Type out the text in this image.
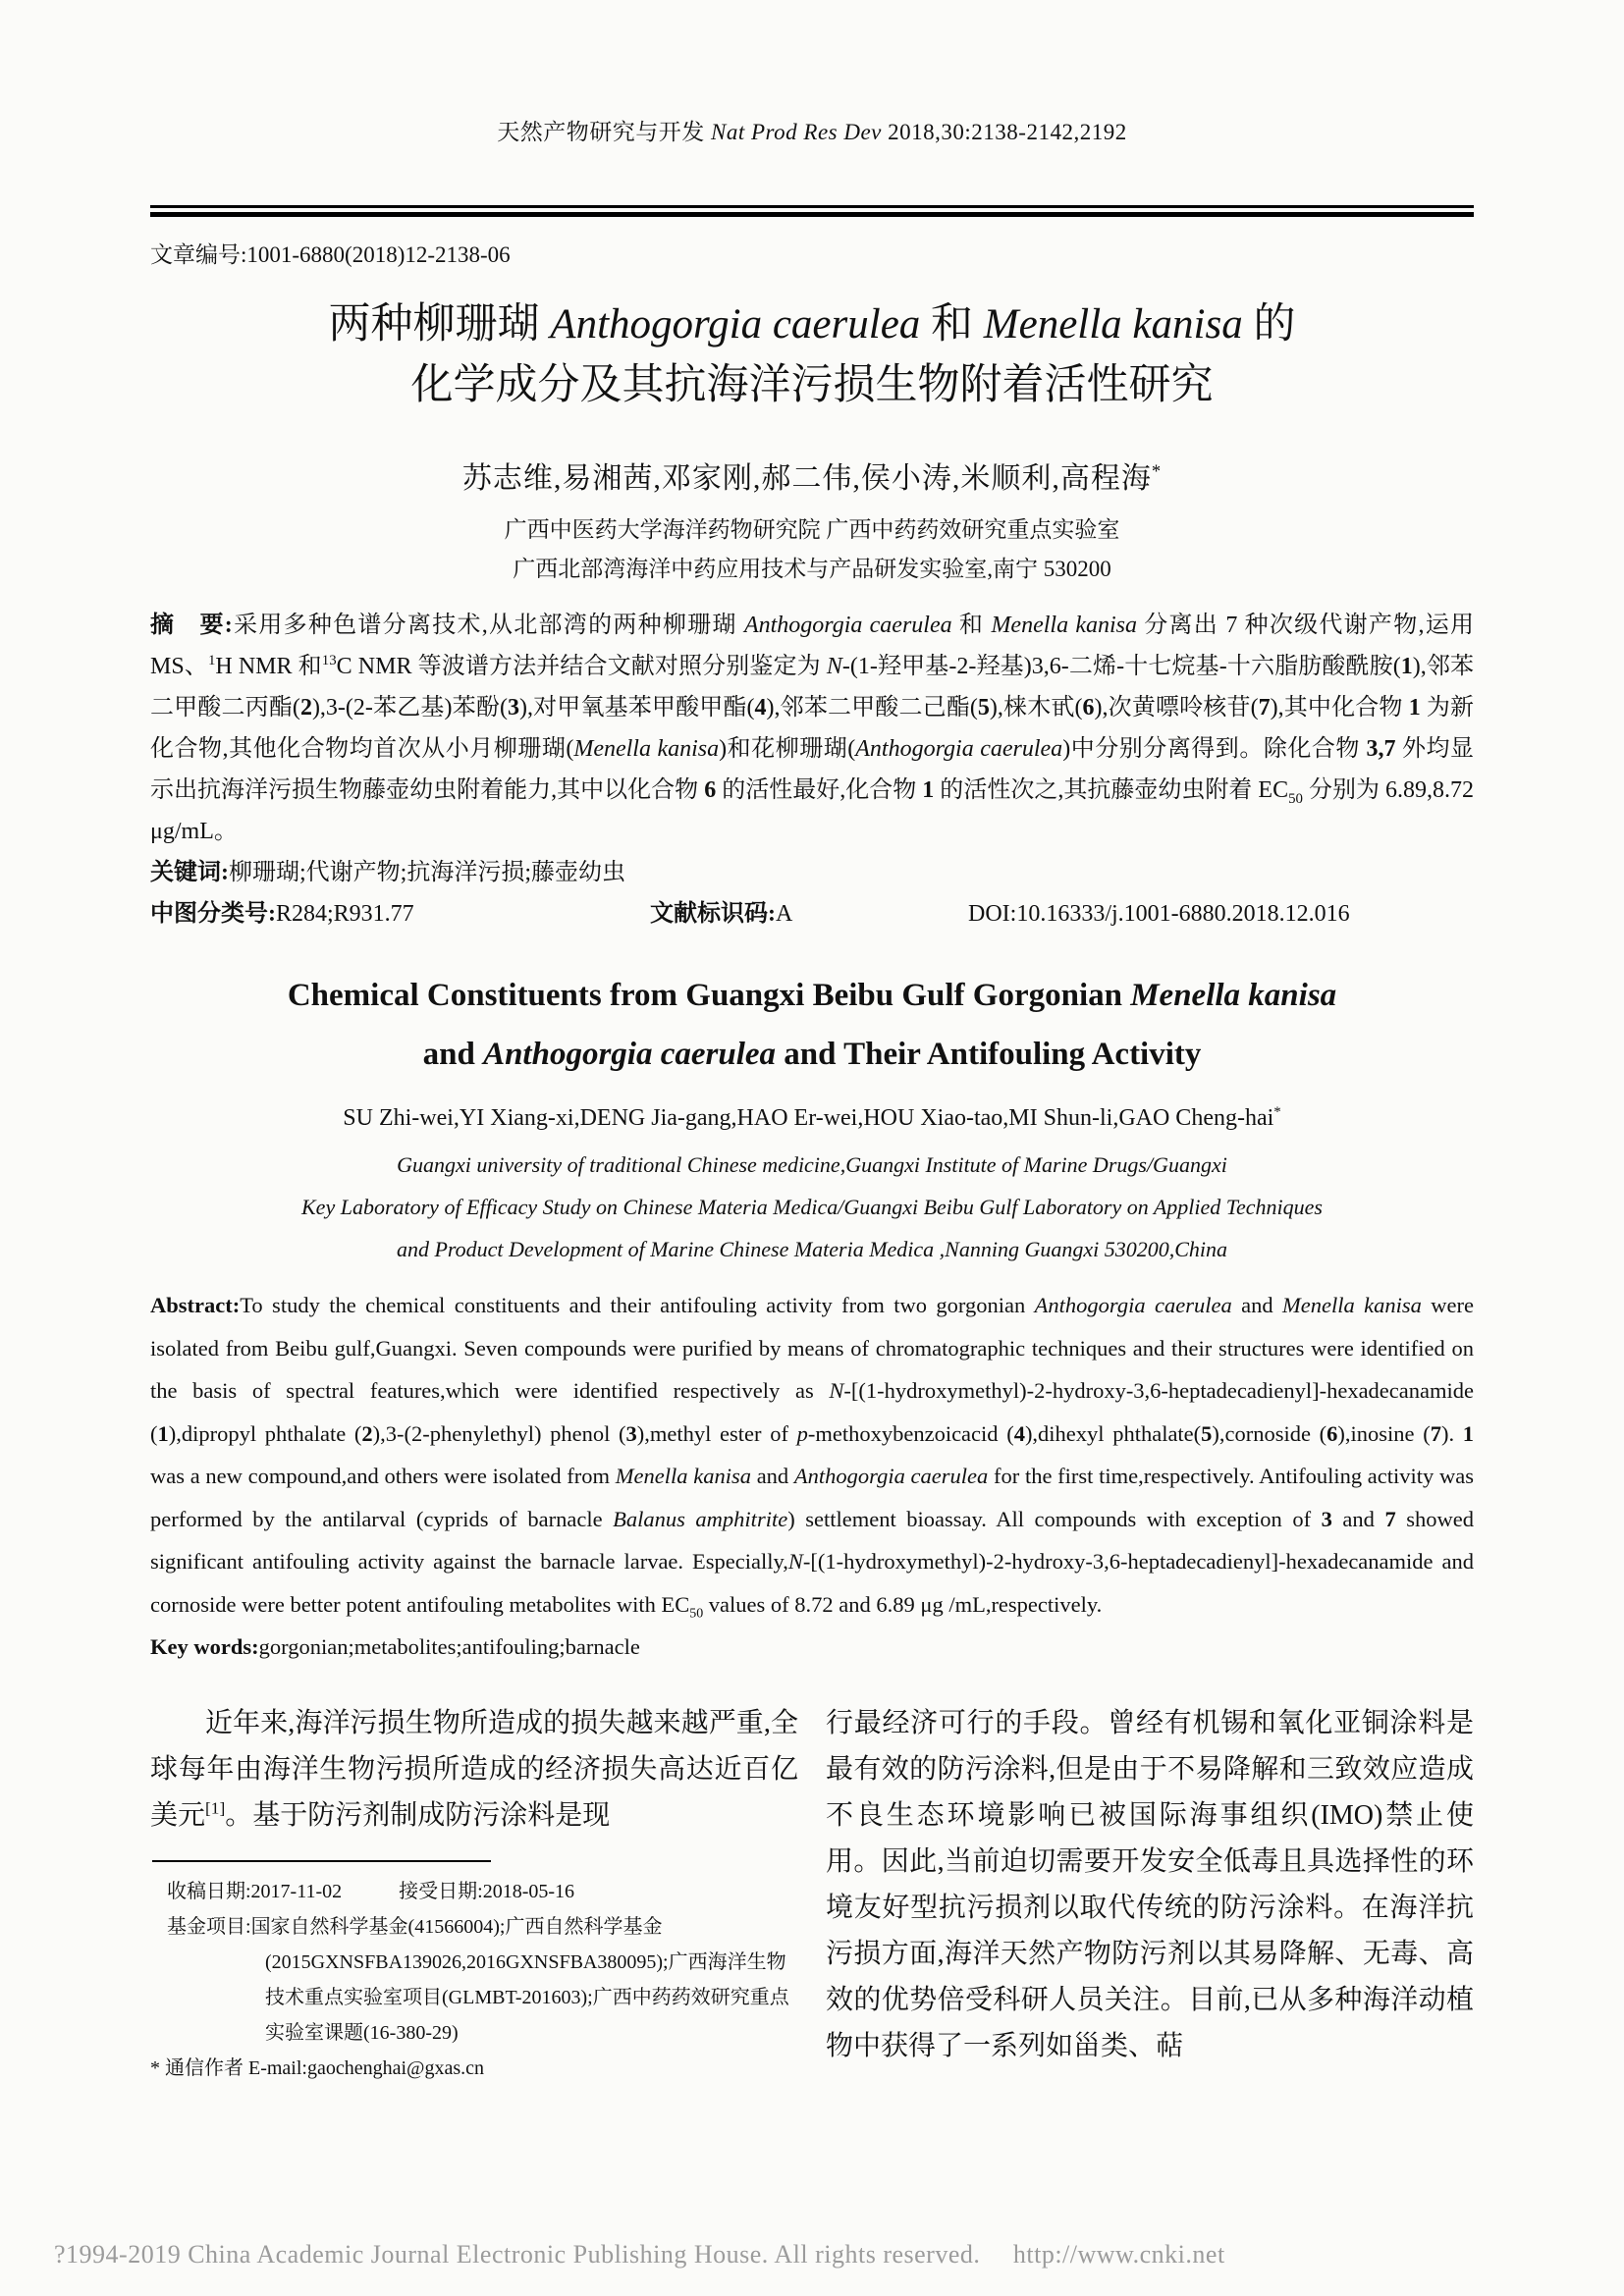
天然产物研究与开发 Nat Prod Res Dev 2018,30:2138-2142,2192
文章编号:1001-6880(2018)12-2138-06
两种柳珊瑚 Anthogorgia caerulea 和 Menella kanisa 的
化学成分及其抗海洋污损生物附着活性研究
苏志维,易湘茜,邓家刚,郝二伟,侯小涛,米顺利,高程海*
广西中医药大学海洋药物研究院 广西中药药效研究重点实验室
广西北部湾海洋中药应用技术与产品研发实验室,南宁 530200

摘　要:采用多种色谱分离技术,从北部湾的两种柳珊瑚 Anthogorgia caerulea 和 Menella kanisa 分离出 7 种次级代谢产物,运用 MS、$^1$H NMR 和$^{13}$C NMR 等波谱方法并结合文献对照分别鉴定为 N-(1-羟甲基-2-羟基)3,6-二烯-十七烷基-十六脂肪酸酰胺(1),邻苯二甲酸二丙酯(2),3-(2-苯乙基)苯酚(3),对甲氧基苯甲酸甲酯(4),邻苯二甲酸二己酯(5),梾木甙(6),次黄嘌呤核苷(7),其中化合物 1 为新化合物,其他化合物均首次从小月柳珊瑚(Menella kanisa)和花柳珊瑚(Anthogorgia caerulea)中分别分离得到。除化合物 3,7 外均显示出抗海洋污损生物藤壶幼虫附着能力,其中以化合物 6 的活性最好,化合物 1 的活性次之,其抗藤壶幼虫附着 $EC_{50}$ 分别为 6.89,8.72 μg/mL。

关键词:柳珊瑚;代谢产物;抗海洋污损;藤壶幼虫

中图分类号:R284;R931.77	文献标识码:A	DOI:10.16333/j.1001-6880.2018.12.016
Chemical Constituents from Guangxi Beibu Gulf Gorgonian Menella kanisa
and Anthogorgia caerulea and Their Antifouling Activity
SU Zhi-wei,YI Xiang-xi,DENG Jia-gang,HAO Er-wei,HOU Xiao-tao,MI Shun-li,GAO Cheng-hai*
Guangxi university of traditional Chinese medicine,Guangxi Institute of Marine Drugs/Guangxi
Key Laboratory of Efficacy Study on Chinese Materia Medica/Guangxi Beibu Gulf Laboratory on Applied Techniques
and Product Development of Marine Chinese Materia Medica ,Nanning Guangxi 530200,China

Abstract:To study the chemical constituents and their antifouling activity from two gorgonian Anthogorgia caerulea and Menella kanisa were isolated from Beibu gulf,Guangxi. Seven compounds were purified by means of chromatographic techniques and their structures were identified on the basis of spectral features,which were identified respectively as N-[(1-hydroxymethyl)-2-hydroxy-3,6-heptadecadienyl]-hexadecanamide (1),dipropyl phthalate (2),3-(2-phenylethyl) phenol (3),methyl ester of p-methoxybenzoicacid (4),dihexyl phthalate(5),cornoside (6),inosine (7). 1 was a new compound,and others were isolated from Menella kanisa and Anthogorgia caerulea for the first time,respectively. Antifouling activity was performed by the antilarval (cyprids of barnacle Balanus amphitrite) settlement bioassay. All compounds with exception of 3 and 7 showed significant antifouling activity against the barnacle larvae. Especially,N-[(1-hydroxymethyl)-2-hydroxy-3,6-heptadecadienyl]-hexadecanamide and cornoside were better potent antifouling metabolites with $EC_{50}$ values of 8.72 and 6.89 μg /mL,respectively.

Key words:gorgonian;metabolites;antifouling;barnacle

近年来,海洋污损生物所造成的损失越来越严重,全球每年由海洋生物污损所造成的经济损失高达近百亿美元[1]。基于防污剂制成防污涂料是现

收稿日期:2017-11-02	接受日期:2018-05-16
基金项目:国家自然科学基金(41566004);广西自然科学基金(2015GXNSFBA139026,2016GXNSFBA380095);广西海洋生物技术重点实验室项目(GLMBT-201603);广西中药药效研究重点实验室课题(16-380-29)
* 通信作者 E-mail:gaochenghai@gxas.cn

行最经济可行的手段。曾经有机锡和氧化亚铜涂料是最有效的防污涂料,但是由于不易降解和三致效应造成不良生态环境影响已被国际海事组织(IMO)禁止使用。因此,当前迫切需要开发安全低毒且具选择性的环境友好型抗污损剂以取代传统的防污涂料。在海洋抗污损方面,海洋天然产物防污剂以其易降解、无毒、高效的优势倍受科研人员关注。目前,已从多种海洋动植物中获得了一系列如甾类、萜

?1994-2019 China Academic Journal Electronic Publishing House. All rights reserved.　 http://www.cnki.net
